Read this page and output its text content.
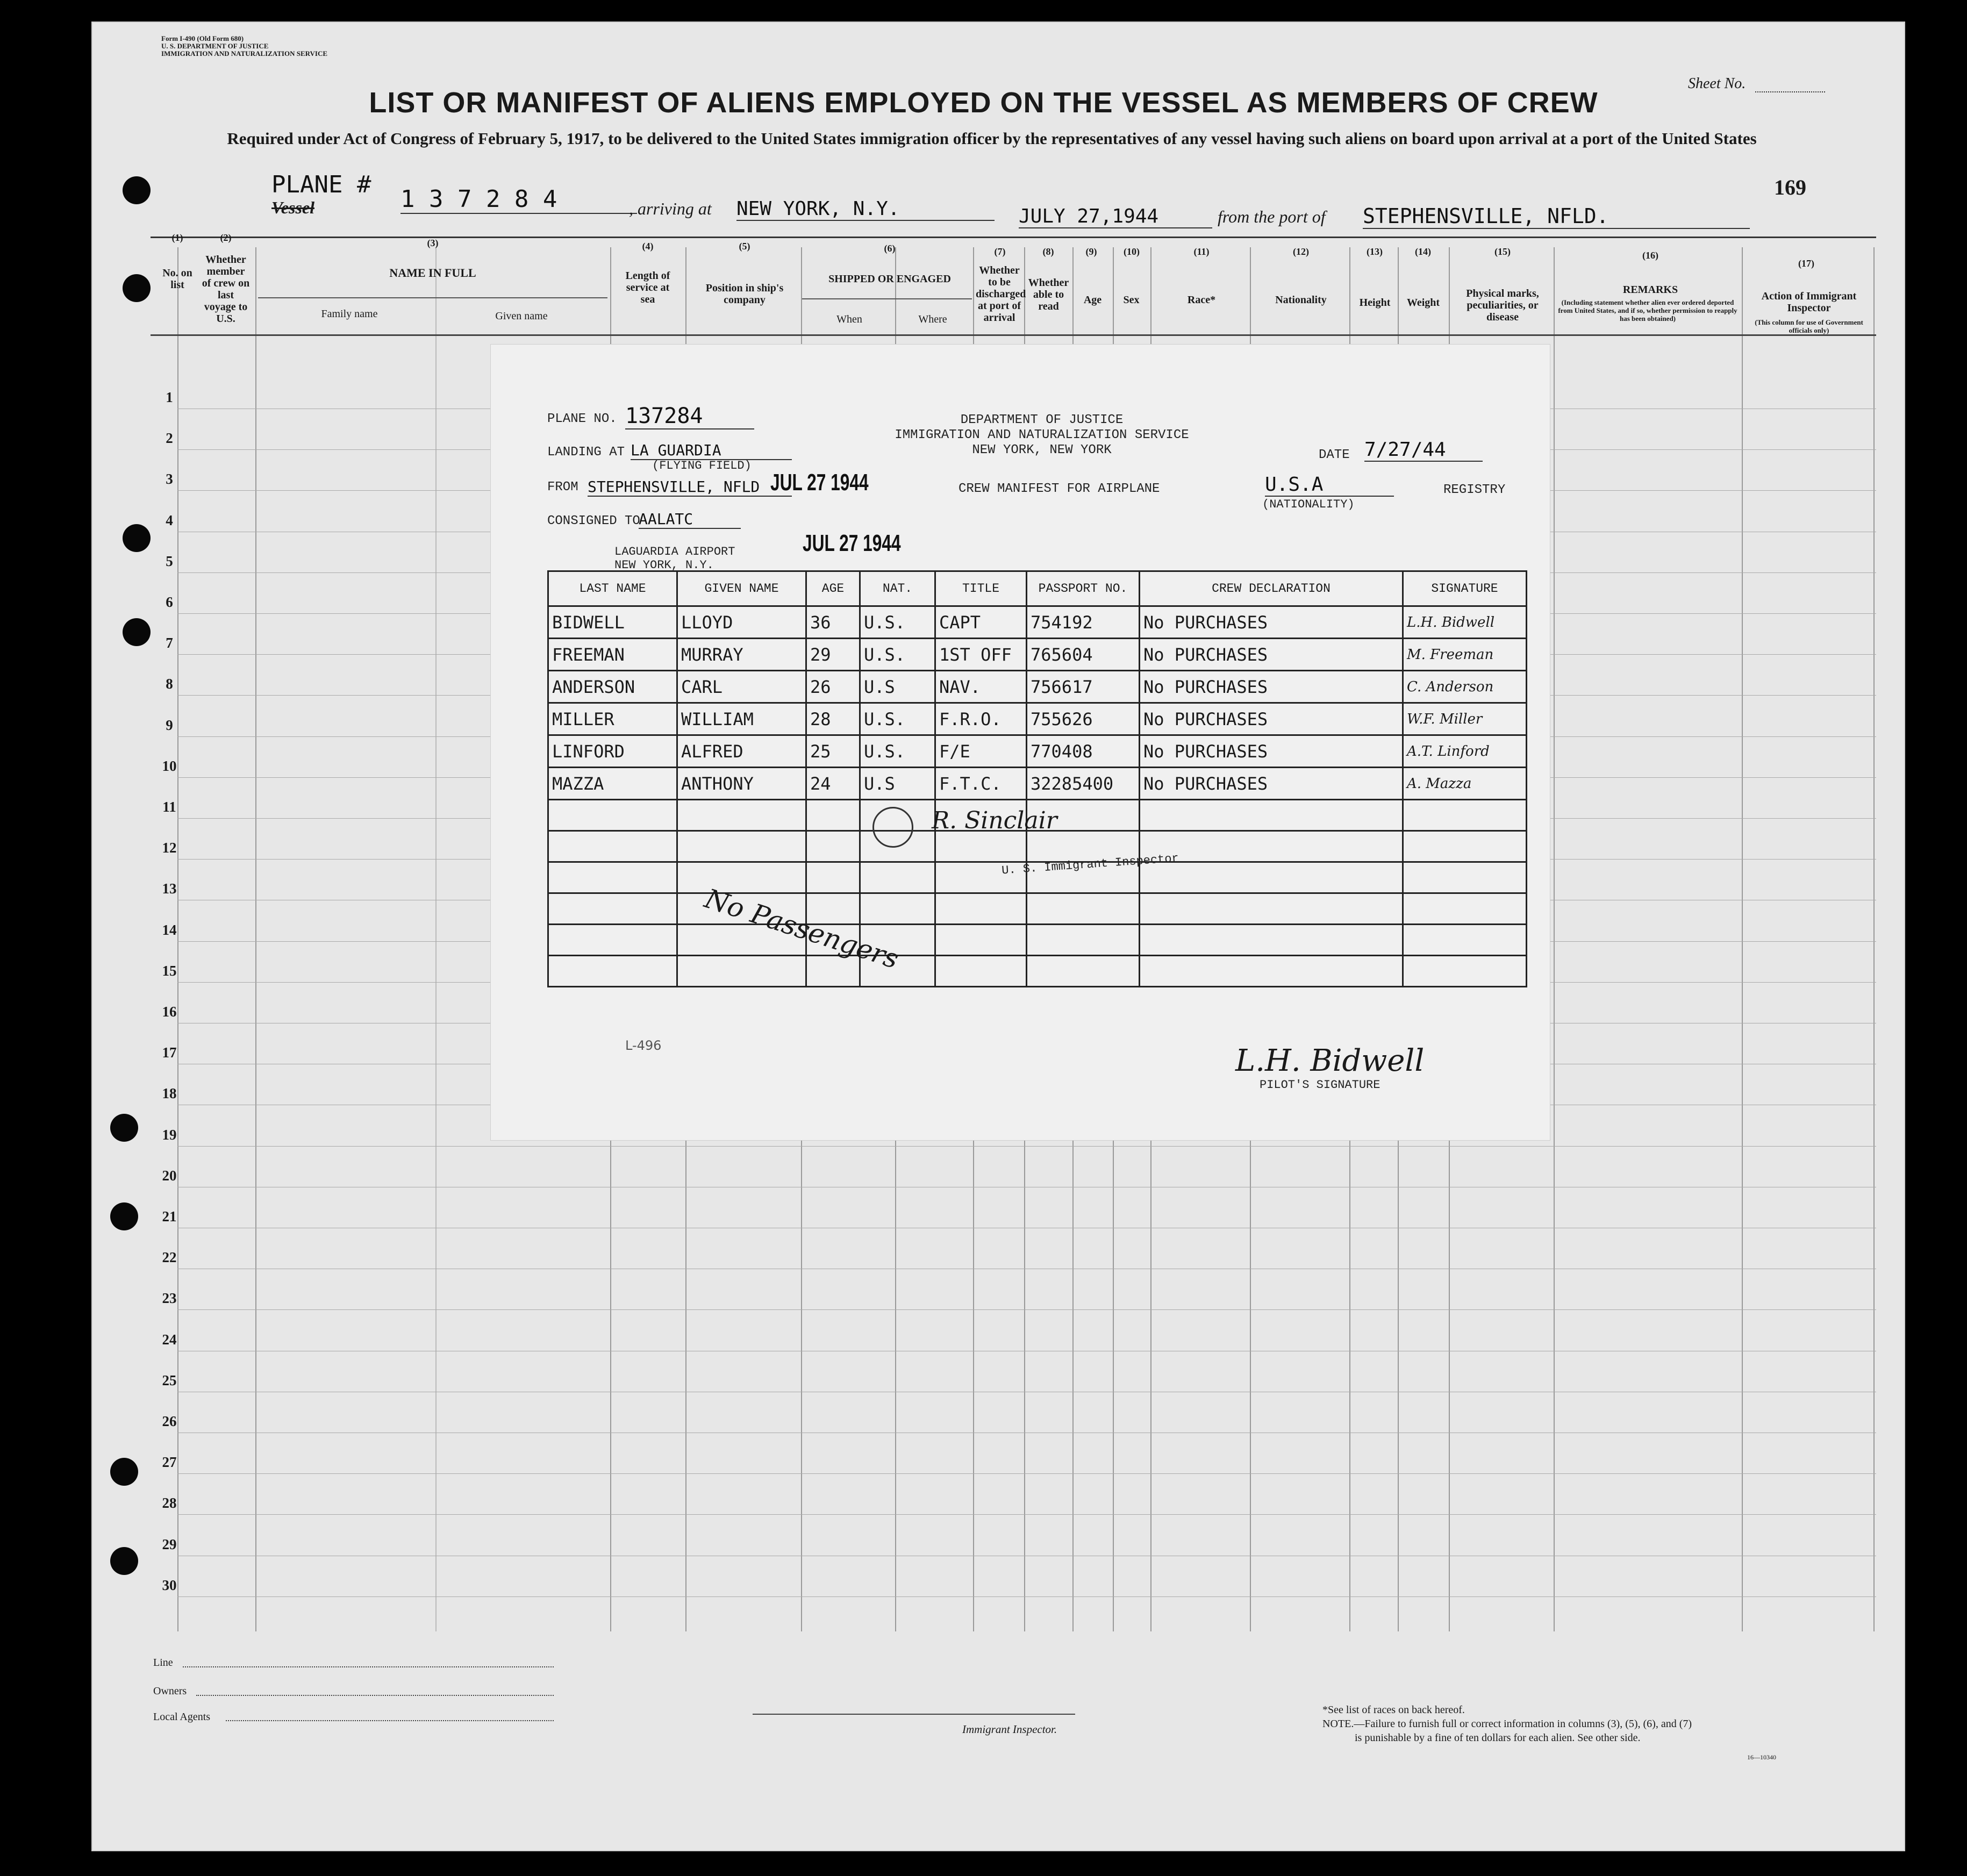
Form I-490 (Old Form 680)
U. S. DEPARTMENT OF JUSTICE
IMMIGRATION AND NATURALIZATION SERVICE
Sheet No.
LIST OR MANIFEST OF ALIENS EMPLOYED ON THE VESSEL AS MEMBERS OF CREW
Required under Act of Congress of February 5, 1917, to be delivered to the United States immigration officer by the representatives of any vessel having such aliens on board upon arrival at a port of the United States
169
PLANE #
Vessel	1 3 7 2 8 4	, arriving at NEW YORK, N.Y.	JULY 27,1944	from the port of STEPHENSVILLE, NFLD.
(1)
No. on list
(2)
Whether member of crew on last voyage to U.S.
(3)
NAME IN FULL
Family name	Given name
(4)
Length of service at sea
(5)
Position in ship's company
(6)
SHIPPED OR ENGAGED
When	Where
(7)
Whether to be discharged at port of arrival
(8)
Whether able to read
(9)
Age
(10)
Sex
(11)
Race*
(12)
Nationality
(13)
Height
(14)
Weight
(15)
Physical marks, peculiarities, or disease
(16)
REMARKS
(Including statement whether alien ever ordered deported from United States, and if so, whether permission to reapply has been obtained)
(17)
Action of Immigrant Inspector
(This column for use of Government officials only)
1
2
3
4
5
6
7
8
9
10
11
12
13
14
15
16
17
18
19
20
21
22
23
24
25
26
27
28
29
30
PLANE NO. 137284
LANDING AT LA GUARDIA
(FLYING FIELD)
FROM STEPHENSVILLE, NFLD JUL 27 1944
CONSIGNED TO
AALATC
LAGUARDIA AIRPORT
NEW YORK, N.Y.
JUL 27 1944
DEPARTMENT OF JUSTICE
IMMIGRATION AND NATURALIZATION SERVICE
NEW YORK, NEW YORK
CREW MANIFEST FOR AIRPLANE
DATE 7/27/44
U.S.A
(NATIONALITY)
REGISTRY
LAST NAME	GIVEN NAME	AGE	NAT.	TITLE	PASSPORT NO.	CREW DECLARATION	SIGNATURE
BIDWELL	LLOYD	36	U.S.	CAPT	754192	No PURCHASES	L.H. Bidwell
FREEMAN	MURRAY	29	U.S.	1ST OFF	765604	No PURCHASES	M. Freeman
ANDERSON	CARL	26	U.S	NAV.	756617	No PURCHASES	C. Anderson
MILLER	WILLIAM	28	U.S.	F.R.O.	755626	No PURCHASES	W.F. Miller
LINFORD	ALFRED	25	U.S.	F/E	770408	No PURCHASES	A.T. Linford
MAZZA	ANTHONY	24	U.S	F.T.C.	32285400	No PURCHASES	A. Mazza

R. Sinclair
U. S. Immigrant Inspector
No Passengers
L-496	L.H. Bidwell
PILOT'S SIGNATURE
Line
Owners
Local Agents
Immigrant Inspector.
*See list of races on back hereof.
NOTE.—Failure to furnish full or correct information in columns (3), (5), (6), and (7)
is punishable by a fine of ten dollars for each alien. See other side.
16—10340
